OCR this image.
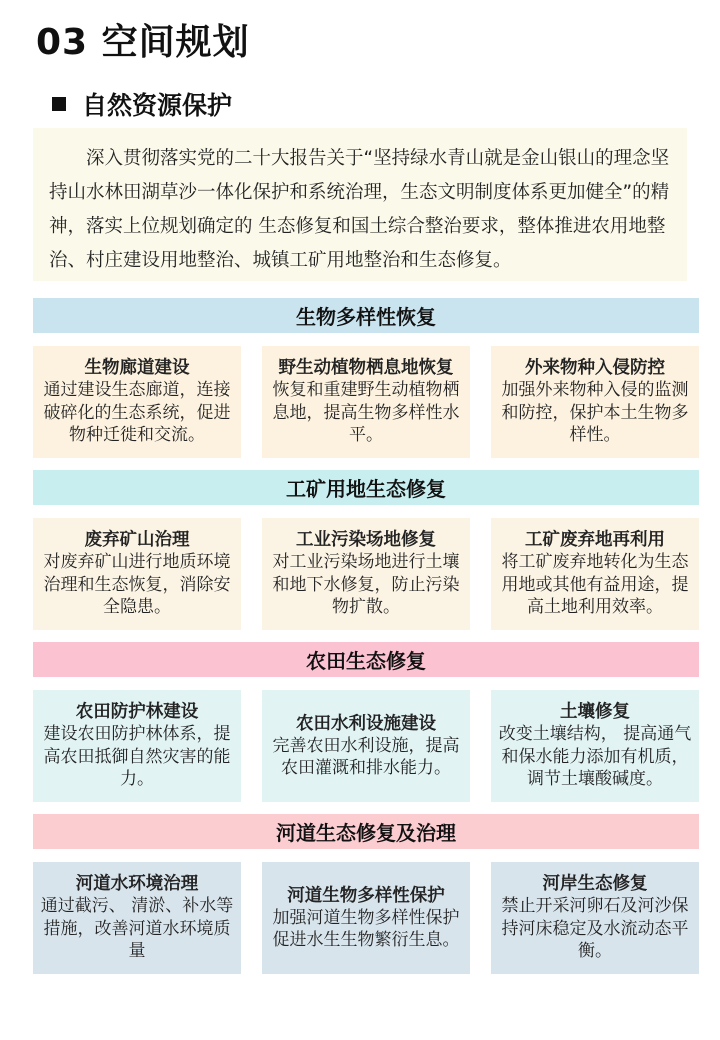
03 空间规划
自然资源保护

深入贯彻落实党的二十大报告关于“坚持绿水青山就是金山银山的理念坚持山水林田湖草沙一体化保护和系统治理，生态文明制度体系更加健全”的精神，落实上位规划确定的 生态修复和国土综合整治要求，整体推进农用地整治、村庄建设用地整治、城镇工矿用地整治和生态修复。

生物多样性恢复
生物廊道建设
通过建设生态廊道，连接破碎化的生态系统，促进物种迁徙和交流。
野生动植物栖息地恢复
恢复和重建野生动植物栖息地，提高生物多样性水平。
外来物种入侵防控
加强外来物种入侵的监测和防控，保护本土生物多样性。
工矿用地生态修复
废弃矿山治理
对废弃矿山进行地质环境治理和生态恢复，消除安全隐患。
工业污染场地修复
对工业污染场地进行土壤和地下水修复，防止污染物扩散。
工矿废弃地再利用
将工矿废弃地转化为生态用地或其他有益用途，提高土地利用效率。
农田生态修复
农田防护林建设
建设农田防护林体系，提高农田抵御自然灾害的能力。
农田水利设施建设
完善农田水利设施，提高农田灌溉和排水能力。
土壤修复
改变土壤结构， 提高通气和保水能力添加有机质， 调节土壤酸碱度。
河道生态修复及治理
河道水环境治理
通过截污、 清淤、补水等措施，改善河道水环境质量
河道生物多样性保护
加强河道生物多样性保护促进水生生物繁衍生息。
河岸生态修复
禁止开采河卵石及河沙保持河床稳定及水流动态平衡。
